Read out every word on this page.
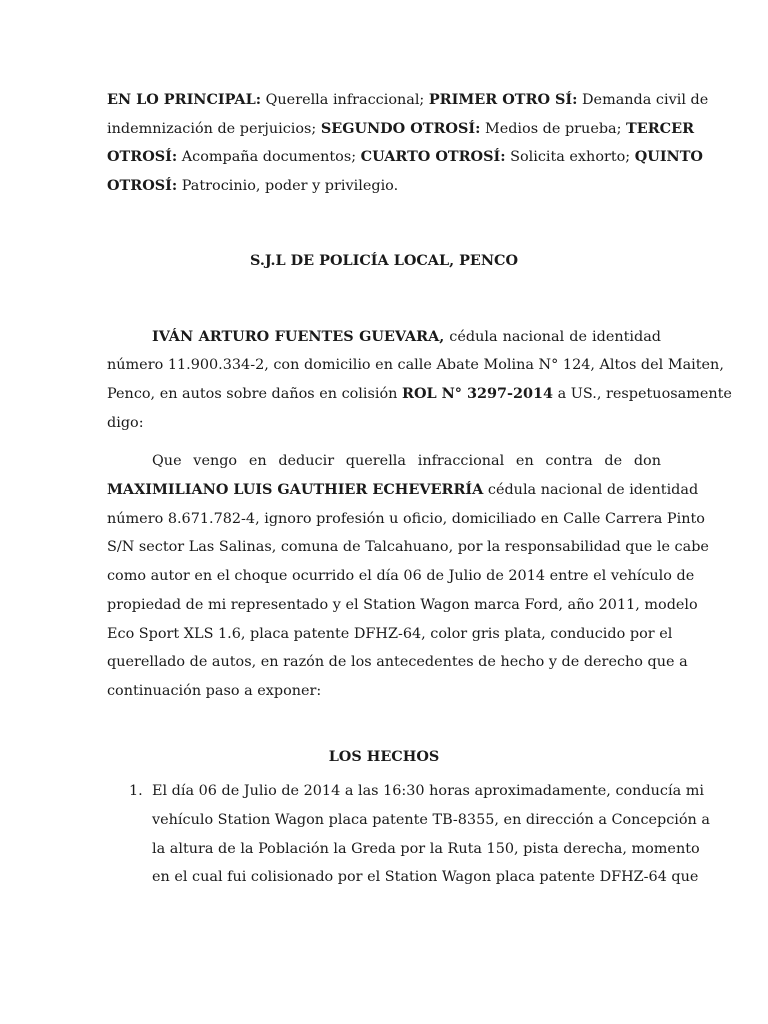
EN LO PRINCIPAL: Querella infraccional; PRIMER OTRO SÍ: Demanda civil de
indemnización de perjuicios; SEGUNDO OTROSÍ: Medios de prueba; TERCER
OTROSÍ: Acompaña documentos; CUARTO OTROSÍ: Solicita exhorto; QUINTO
OTROSÍ: Patrocinio, poder y privilegio.

S.J.L DE POLICÍA LOCAL, PENCO

IVÁN ARTURO FUENTES GUEVARA, cédula nacional de identidad
número 11.900.334-2, con domicilio en calle Abate Molina N° 124, Altos del Maiten,
Penco, en autos sobre daños en colisión ROL N° 3297-2014 a US., respetuosamente
digo:
Que vengo en deducir querella infraccional en contra de don
MAXIMILIANO LUIS GAUTHIER ECHEVERRÍA cédula nacional de identidad
número 8.671.782-4, ignoro profesión u oficio, domiciliado en Calle Carrera Pinto
S/N sector Las Salinas, comuna de Talcahuano, por la responsabilidad que le cabe
como autor en el choque ocurrido el día 06 de Julio de 2014 entre el vehículo de
propiedad de mi representado y el Station Wagon marca Ford, año 2011, modelo
Eco Sport XLS 1.6, placa patente DFHZ-64, color gris plata, conducido por el
querellado de autos, en razón de los antecedentes de hecho y de derecho que a
continuación paso a exponer:

LOS HECHOS

1. El día 06 de Julio de 2014 a las 16:30 horas aproximadamente, conducía mi
vehículo Station Wagon placa patente TB-8355, en dirección a Concepción a
la altura de la Población la Greda por la Ruta 150, pista derecha, momento
en el cual fui colisionado por el Station Wagon placa patente DFHZ-64 que
